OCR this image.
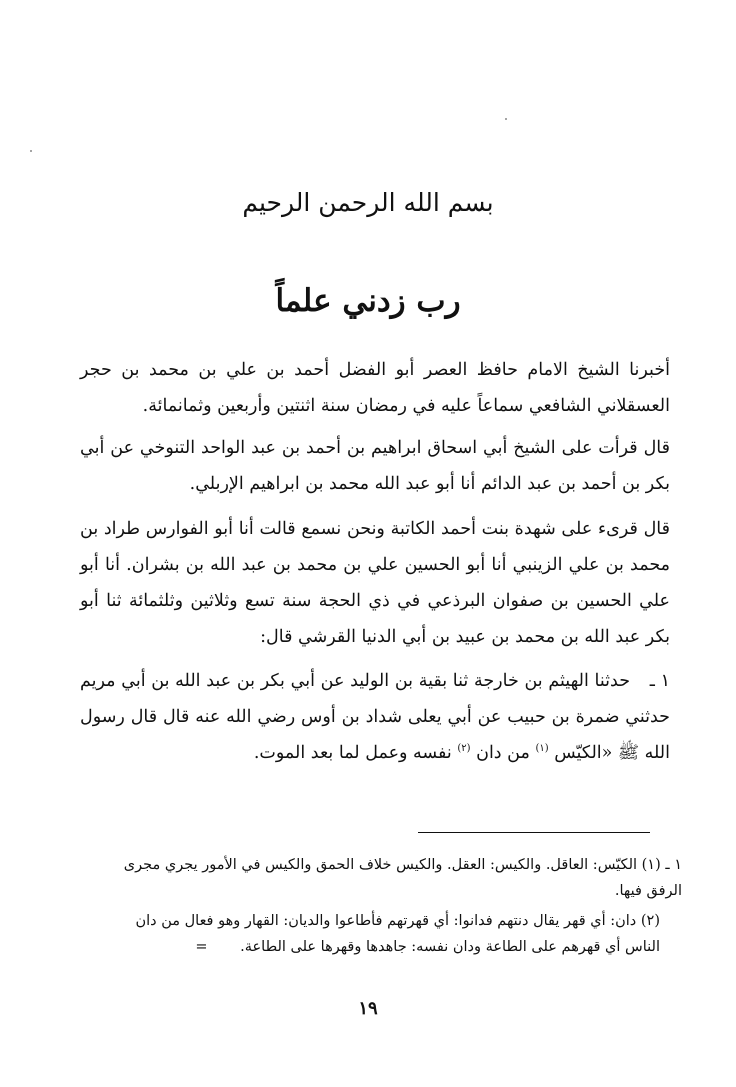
بسم الله الرحمن الرحيم
رب زدني علماً
أخبرنا الشيخ الامام حافظ العصر أبو الفضل أحمد بن علي بن محمد بن حجر العسقلاني الشافعي سماعاً عليه في رمضان سنة اثنتين وأربعين وثمانمائة.
قال قرأت على الشيخ أبي اسحاق ابراهيم بن أحمد بن عبد الواحد التنوخي عن أبي بكر بن أحمد بن عبد الدائم أنا أبو عبد الله محمد بن ابراهيم الإربلي.
قال قرىء على شهدة بنت أحمد الكاتبة ونحن نسمع قالت أنا أبو الفوارس طراد بن محمد بن علي الزينبي أنا أبو الحسين علي بن محمد بن عبد الله بن بشران. أنا أبو علي الحسين بن صفوان البرذعي في ذي الحجة سنة تسع وثلاثين وثلثمائة ثنا أبو بكر عبد الله بن محمد بن عبيد بن أبي الدنيا القرشي قال:
١ ـ حدثنا الهيثم بن خارجة ثنا بقية بن الوليد عن أبي بكر بن عبد الله بن أبي مريم حدثني ضمرة بن حبيب عن أبي يعلى شداد بن أوس رضي الله عنه قال قال رسول الله ﷺ «الكيّس $^{(١)}$ من دان $^{(٢)}$ نفسه وعمل لما بعد الموت.
١ ـ (١) الكيّس: العاقل. والكيس: العقل. والكيس خلاف الحمق والكيس في الأمور يجري مجرى الرفق فيها.
(٢) دان: أي قهر يقال دنتهم فدانوا: أي قهرتهم فأطاعوا والديان: القهار وهو فعال من دان الناس أي قهرهم على الطاعة ودان نفسه: جاهدها وقهرها على الطاعة. =
١٩
